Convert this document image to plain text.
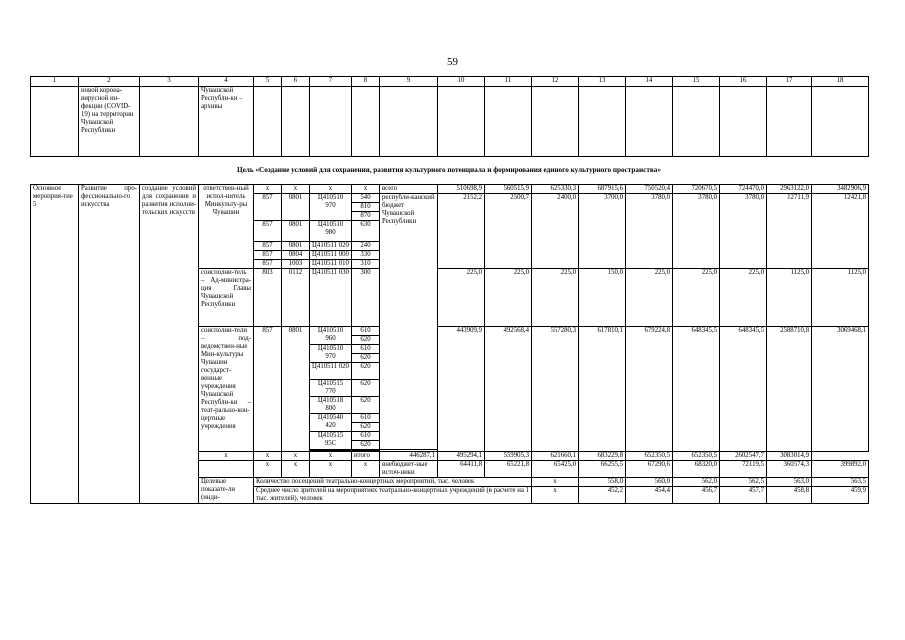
59
1	2	3	4	5	6	7	8	9	10	11	12	13	14	15	16	17	18
	новой корона-вирусной ин-фекции (COVID-19) на территории Чувашской Республики		Чувашской Республи-ки – архивы														
Цель «Создание условий для сохранения, развития культурного потенциала и формирования единого культурного пространства»
Основное мероприя-тие 5	Развитие про-фессионально-го искусства	создание условий для сохранения и развития исполни-тельских искусств	ответствен-ный испол-нитель Минкульту-ры Чувашии	x	x	x	x	всего	510698,9	560515,9	625330,3	687915,6	750520,4	720670,5	724470,0	2963122,0	3482906,9	
				857	0801	Ц410510 970	540	республи-канский бюджет Чувашской Республики	2152,2	2500,7	2400,0	3700,0	3780,0	3780,0	3780,0	12711,9	12421,8	
							810											
							870											
				857	0801	Ц410510 980	630											
				857	0801	Ц410511 020	240											
				857	0804	Ц410511 000	330											
				857	1003	Ц410511 010	310											
			соисполни-тель – Ад-министра-ция Главы Чувашской Республики	803	0112	Ц410511 030	300		225,0	225,0	225,0	150,0	225,0	225,0	225,0	1125,0	1125,0	
			соисполни-тели – под-ведомствен-ные Мин-культуры Чувашии государст-венные учреждения Чувашской Республи-ки – теат-рально-кон-цертные учреждения	857	0801	Ц410510 960	610		443909,9	492568,4	557280,3	617810,1	679224,8	648345,5	648345,5	2588710,8	3069468,1	
							620											
						Ц410510 970	610											
							620											
						Ц410511 020	620											
						Ц410515 770	620											
						Ц410518 800	620											
						Ц410540 420	610											
							620											
						Ц410515 95С	610											
							620											

			x	x	x	x	итого	446287,1	495294,1	559905,3	621660,1	683229,8	652350,5	652350,5	2602547,7	3083014,9		
				x	x	x	x	внебюджет-ные источ-ники	64411,8	65221,8	65425,0	66255,5	67290,6	68320,0	72119,5	360574,3	399892,0	
			Целевые показате-ли (инди-	Количество посещений театрально-концертных мероприятий, тыс. человек							x	558,0	560,0	562,0	562,5	563,0	563,5			
				Среднее число зрителей на мероприятиях театрально-концертных учреждений (в расчете на 1 тыс. жителей), человек							x	452,2	454,4	456,7	457,7	458,8	459,9			
